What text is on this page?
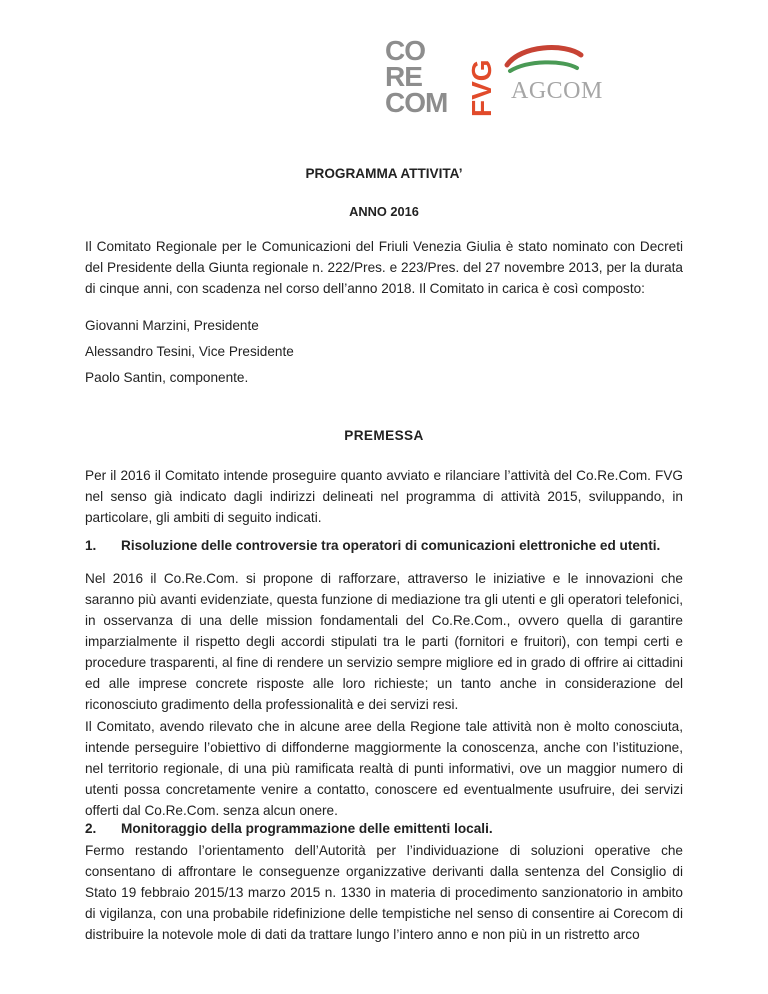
CO
RE
COM FVG AGCOM
PROGRAMMA ATTIVITA’
ANNO 2016
Il Comitato Regionale per le Comunicazioni del Friuli Venezia Giulia è stato nominato con Decreti del Presidente della Giunta regionale n. 222/Pres. e 223/Pres. del 27 novembre 2013, per la durata di cinque anni, con scadenza nel corso dell’anno 2018. Il Comitato in carica è così composto:
Giovanni Marzini, Presidente
Alessandro Tesini, Vice Presidente
Paolo Santin, componente.
PREMESSA
Per il 2016 il Comitato intende proseguire quanto avviato e rilanciare l’attività del Co.Re.Com. FVG nel senso già indicato dagli indirizzi delineati nel programma di attività 2015, sviluppando, in particolare, gli ambiti di seguito indicati.
1. Risoluzione delle controversie tra operatori di comunicazioni elettroniche ed utenti.
Nel 2016 il Co.Re.Com. si propone di rafforzare, attraverso le iniziative e le innovazioni che saranno più avanti evidenziate, questa funzione di mediazione tra gli utenti e gli operatori telefonici, in osservanza di una delle mission fondamentali del Co.Re.Com., ovvero quella di garantire imparzialmente il rispetto degli accordi stipulati tra le parti (fornitori e fruitori), con tempi certi e procedure trasparenti, al fine di rendere un servizio sempre migliore ed in grado di offrire ai cittadini ed alle imprese concrete risposte alle loro richieste; un tanto anche in considerazione del riconosciuto gradimento della professionalità e dei servizi resi.
Il Comitato, avendo rilevato che in alcune aree della Regione tale attività non è molto conosciuta, intende perseguire l’obiettivo di diffonderne maggiormente la conoscenza, anche con l’istituzione, nel territorio regionale, di una più ramificata realtà di punti informativi, ove un maggior numero di utenti possa concretamente venire a contatto, conoscere ed eventualmente usufruire, dei servizi offerti dal Co.Re.Com. senza alcun onere.
2. Monitoraggio della programmazione delle emittenti locali.
Fermo restando l’orientamento dell’Autorità per l’individuazione di soluzioni operative che consentano di affrontare le conseguenze organizzative derivanti dalla sentenza del Consiglio di Stato 19 febbraio 2015/13 marzo 2015 n. 1330 in materia di procedimento sanzionatorio in ambito di vigilanza, con una probabile ridefinizione delle tempistiche nel senso di consentire ai Corecom di distribuire la notevole mole di dati da trattare lungo l’intero anno e non più in un ristretto arco
